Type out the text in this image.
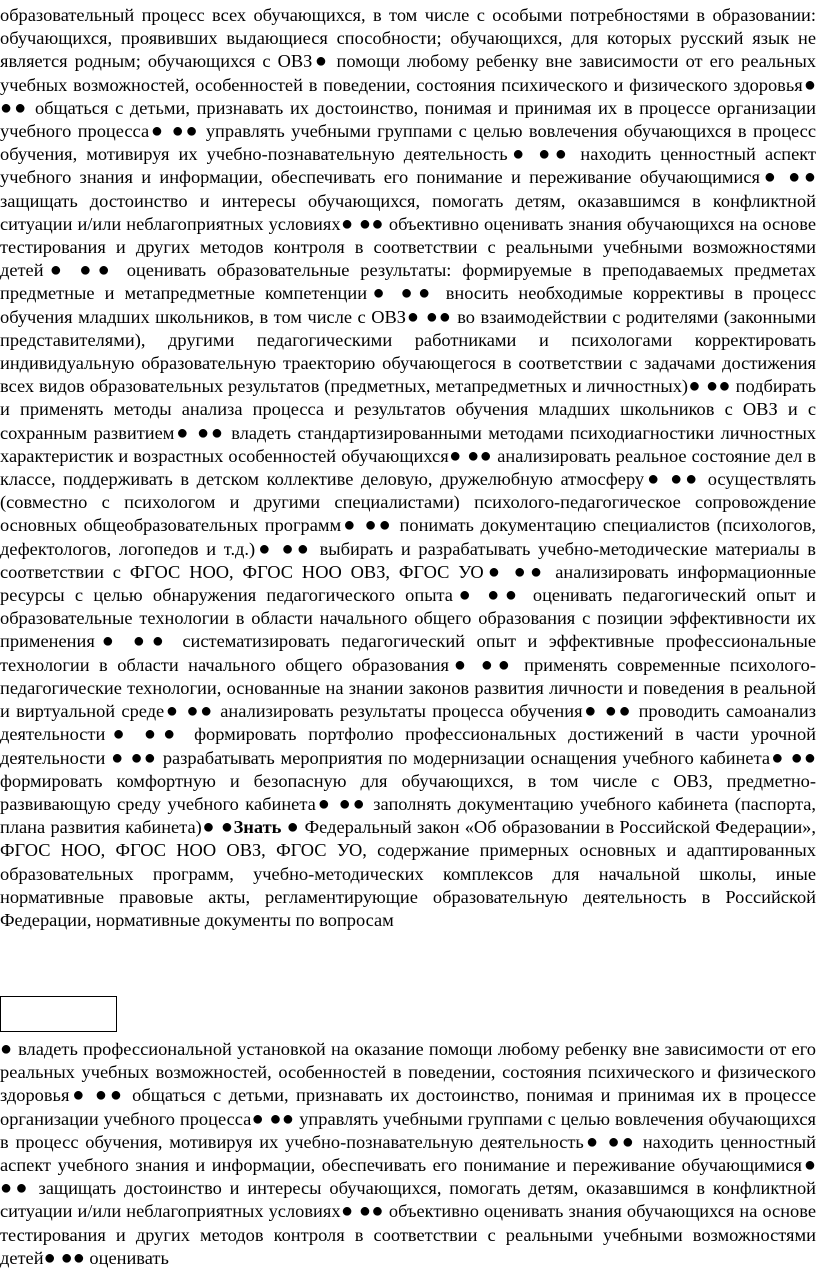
образовательный процесс всех обучающихся, в том числе с особыми потребностями в образовании: обучающихся, проявивших выдающиеся способности; обучающихся, для которых русский язык не является родным; обучающихся с ОВЗ● помощи любому ребенку вне зависимости от его реальных учебных возможностей, особенностей в поведении, состояния психического и физического здоровья● ●● общаться с детьми, признавать их достоинство, понимая и принимая их в процессе организации учебного процесса● ●● управлять учебными группами с целью вовлечения обучающихся в процесс обучения, мотивируя их учебно-познавательную деятельность● ●● находить ценностный аспект учебного знания и информации, обеспечивать его понимание и переживание обучающимися● ●● защищать достоинство и интересы обучающихся, помогать детям, оказавшимся в конфликтной ситуации и/или неблагоприятных условиях● ●● объективно оценивать знания обучающихся на основе тестирования и других методов контроля в соответствии с реальными учебными возможностями детей● ●● оценивать образовательные результаты: формируемые в преподаваемых предметах предметные и метапредметные компетенции● ●● вносить необходимые коррективы в процесс обучения младших школьников, в том числе с ОВЗ● ●● во взаимодействии с родителями (законными представителями), другими педагогическими работниками и психологами корректировать индивидуальную образовательную траекторию обучающегося в соответствии с задачами достижения всех видов образовательных результатов (предметных, метапредметных и личностных)● ●● подбирать и применять методы анализа процесса и результатов обучения младших школьников с ОВЗ и с сохранным развитием● ●● владеть стандартизированными методами психодиагностики личностных характеристик и возрастных особенностей обучающихся● ●● анализировать реальное состояние дел в классе, поддерживать в детском коллективе деловую, дружелюбную атмосферу● ●● осуществлять (совместно с психологом и другими специалистами) психолого-педагогическое сопровождение основных общеобразовательных программ● ●● понимать документацию специалистов (психологов, дефектологов, логопедов и т.д.)● ●● выбирать и разрабатывать учебно-методические материалы в соответствии с ФГОС НОО, ФГОС НОО ОВЗ, ФГОС УО● ●● анализировать информационные ресурсы с целью обнаружения педагогического опыта● ●● оценивать педагогический опыт и образовательные технологии в области начального общего образования с позиции эффективности их применения● ●● систематизировать педагогический опыт и эффективные профессиональные технологии в области начального общего образования● ●● применять современные психолого-педагогические технологии, основанные на знании законов развития личности и поведения в реальной и виртуальной среде● ●● анализировать результаты процесса обучения● ●● проводить самоанализ деятельности● ●● формировать портфолио профессиональных достижений в части урочной деятельности ● ●● разрабатывать мероприятия по модернизации оснащения учебного кабинета● ●● формировать комфортную и безопасную для обучающихся, в том числе с ОВЗ, предметно-развивающую среду учебного кабинета● ●● заполнять документацию учебного кабинета (паспорта, плана развития кабинета)● ●Знать ● Федеральный закон «Об образовании в Российской Федерации», ФГОС НОО, ФГОС НОО ОВЗ, ФГОС УО, содержание примерных основных и адаптированных образовательных программ, учебно-методических комплексов для начальной школы, иные нормативные правовые акты, регламентирующие образовательную деятельность в Российской Федерации, нормативные документы по вопросам
● владеть профессиональной установкой на оказание помощи любому ребенку вне зависимости от его реальных учебных возможностей, особенностей в поведении, состояния психического и физического здоровья● ●● общаться с детьми, признавать их достоинство, понимая и принимая их в процессе организации учебного процесса● ●● управлять учебными группами с целью вовлечения обучающихся в процесс обучения, мотивируя их учебно-познавательную деятельность● ●● находить ценностный аспект учебного знания и информации, обеспечивать его понимание и переживание обучающимися● ●● защищать достоинство и интересы обучающихся, помогать детям, оказавшимся в конфликтной ситуации и/или неблагоприятных условиях● ●● объективно оценивать знания обучающихся на основе тестирования и других методов контроля в соответствии с реальными учебными возможностями детей● ●● оценивать
